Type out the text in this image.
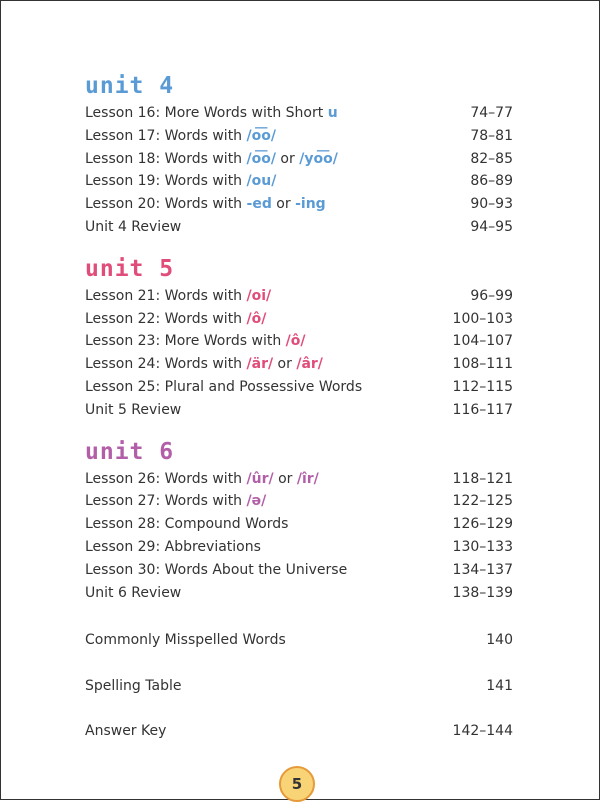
unit 4
Lesson 16: More Words with Short u	74–77
Lesson 17: Words with /o͞o/	78–81
Lesson 18: Words with /o͞o/ or /yo͞o/	82–85
Lesson 19: Words with /ou/	86–89
Lesson 20: Words with -ed or -ing	90–93
Unit 4 Review	94–95
unit 5
Lesson 21: Words with /oi/	96–99
Lesson 22: Words with /ô/	100–103
Lesson 23: More Words with /ô/	104–107
Lesson 24: Words with /är/ or /âr/	108–111
Lesson 25: Plural and Possessive Words	112–115
Unit 5 Review	116–117
unit 6
Lesson 26: Words with /ûr/ or /îr/	118–121
Lesson 27: Words with /ə/	122–125
Lesson 28: Compound Words	126–129
Lesson 29: Abbreviations	130–133
Lesson 30: Words About the Universe	134–137
Unit 6 Review	138–139
Commonly Misspelled Words	140
Spelling Table	141
Answer Key	142–144
5
